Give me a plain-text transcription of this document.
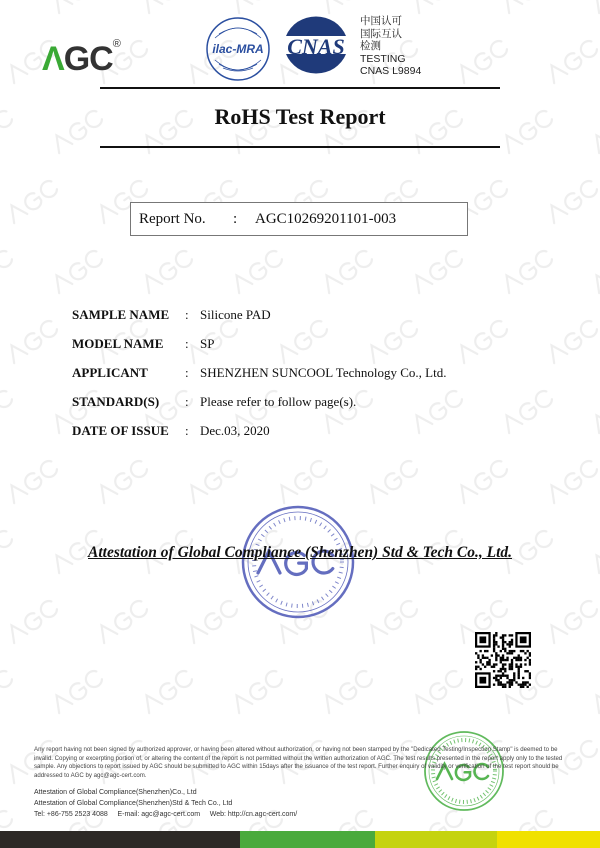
ΛGC®	ilac-MRA CNAS
中国认可
国际互认
检测
TESTING
CNAS L9894
RoHS Test Report
Report No. : AGC10269201101-003
SAMPLE NAME : Silicone PAD
MODEL NAME : SP
APPLICANT	: SHENZHEN SUNCOOL Technology Co., Ltd.
STANDARD(S) : Please refer to follow page(s).
DATE OF ISSUE : Dec.03, 2020
Attestation of Global Compliance (Shenzhen) Std & Tech Co., Ltd.
Any report having not been signed by authorized approver, or having been altered without authorization, or having not been stamped by the "Dedicated Testing/Inspection Stamp" is deemed to be invalid. Copying or excerpting portion of, or altering the content of the report is not permitted without the written authorization of AGC. The test results presented in the report apply only to the tested sample. Any objections to report issued by AGC should be submitted to AGC within 15days after the issuance of the test report. Further enquiry of validity or verification of the test report should be addressed to AGC by agc@agc-cert.com.
Attestation of Global Compliance(Shenzhen)Co., Ltd
Attestation of Global Compliance(Shenzhen)Std & Tech Co., Ltd
Tel: +86-755 2523 4088     E-mail: agc@agc-cert.com     Web: http://cn.agc-cert.com/
